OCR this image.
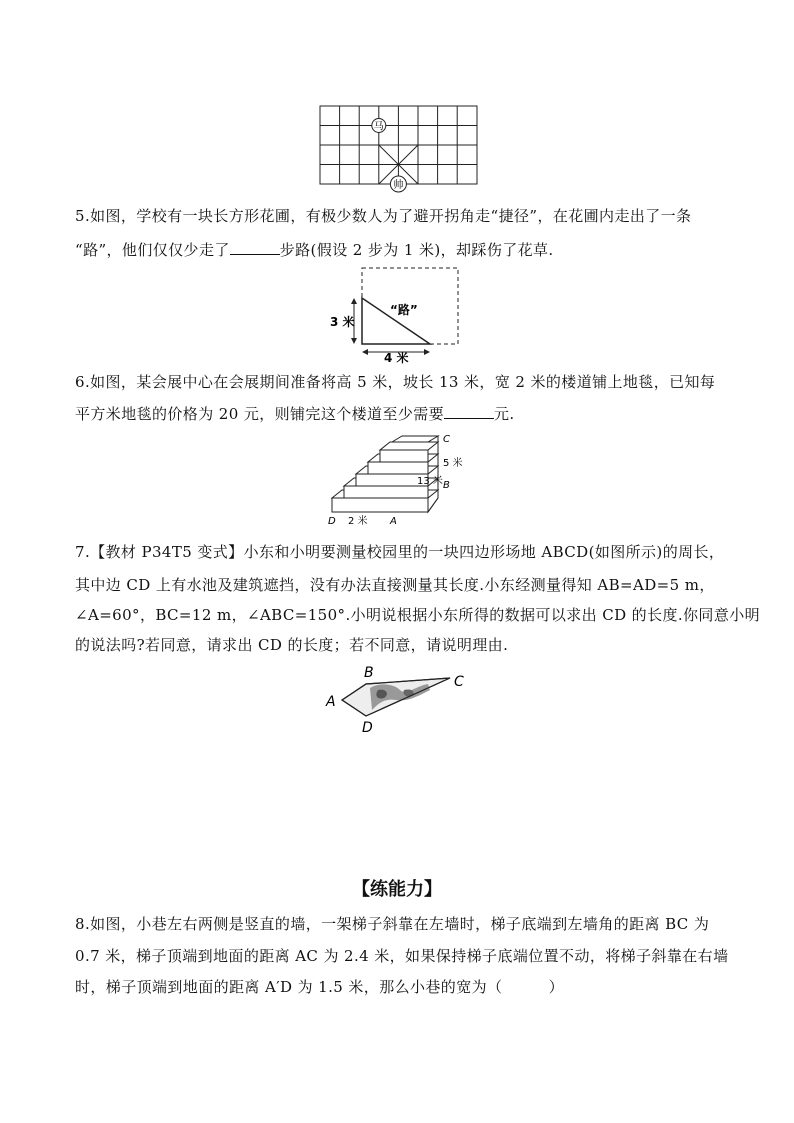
马
帅
5.如图，学校有一块长方形花圃，有极少数人为了避开拐角走“捷径”，在花圃内走出了一条
“路”，他们仅仅少走了	步路(假设 2 步为 1 米)，却踩伤了花草.
3 米
4 米
“路”
6.如图，某会展中心在会展期间准备将高 5 米，坡长 13 米，宽 2 米的楼道铺上地毯，已知每
平方米地毯的价格为 20 元，则铺完这个楼道至少需要	元.
C
5 米
B
13 米
D 2 米 A
7.【教材 P34T5 变式】小东和小明要测量校园里的一块四边形场地 ABCD(如图所示)的周长，
其中边 CD 上有水池及建筑遮挡，没有办法直接测量其长度.小东经测量得知 AB=AD=5 m，
∠A=60°，BC=12 m，∠ABC=150°.小明说根据小东所得的数据可以求出 CD 的长度.你同意小明
的说法吗?若同意，请求出 CD 的长度；若不同意，请说明理由.
A
B
C
D
【练能力】
8.如图，小巷左右两侧是竖直的墙，一架梯子斜靠在左墙时，梯子底端到左墙角的距离 BC 为
0.7 米，梯子顶端到地面的距离 AC 为 2.4 米，如果保持梯子底端位置不动，将梯子斜靠在右墙
时，梯子顶端到地面的距离 A′D 为 1.5 米，那么小巷的宽为（　　　）
